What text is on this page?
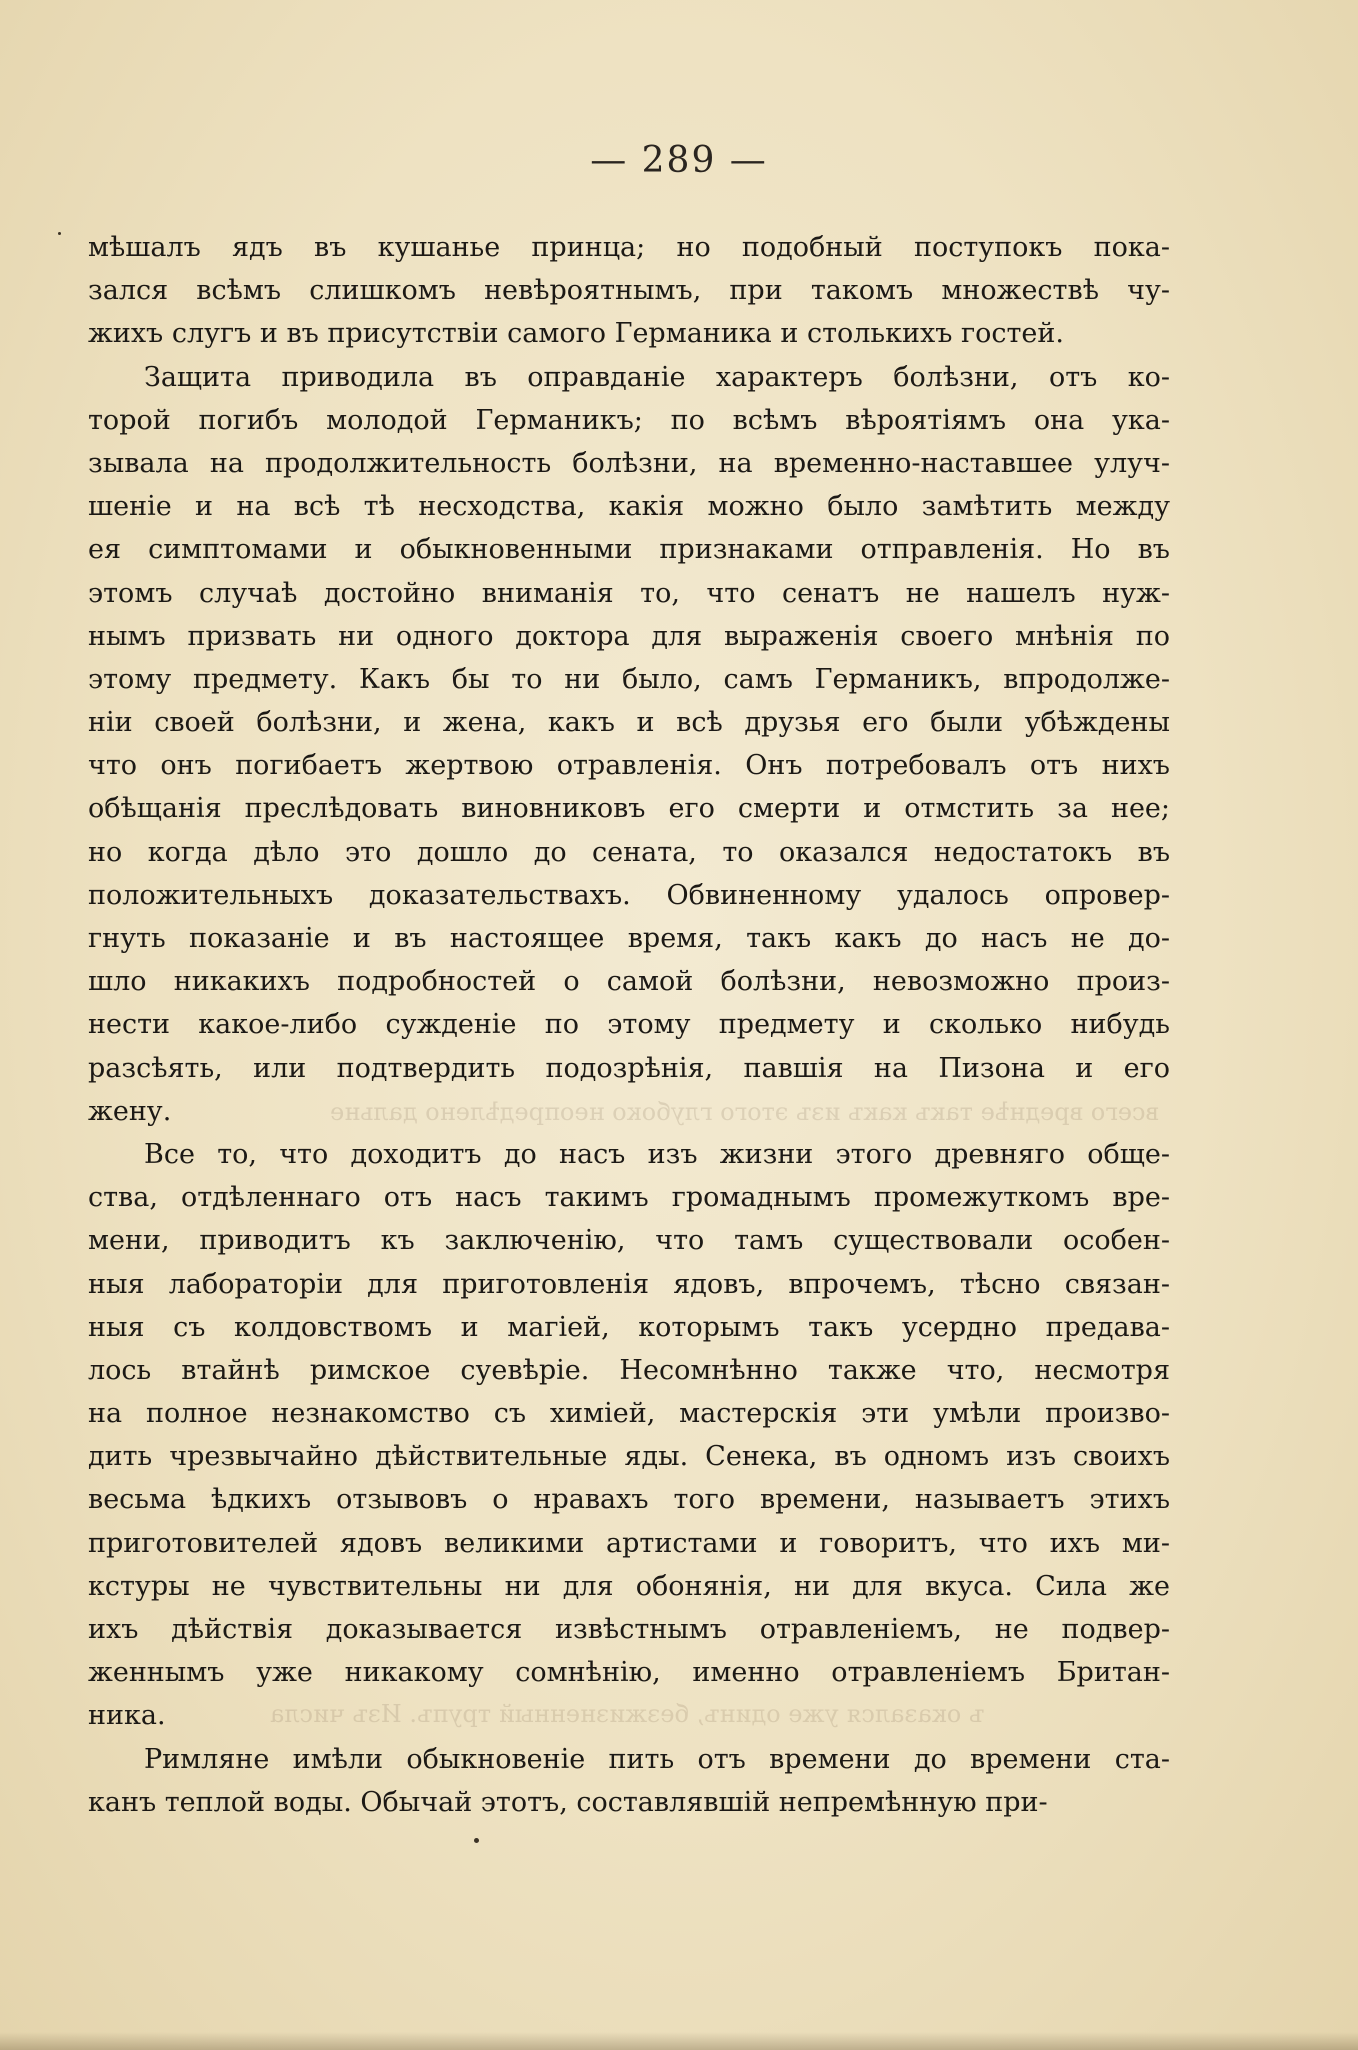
всего вреднѣе такъ какъ изъ этого глубоко неопредѣлено дальне
ъ оказался уже одинъ, безжизненный трупъ. Изъ числа
— 289 —
мѣшалъ ядъ въ кушанье принца; но подобный поступокъ пока-
зался всѣмъ слишкомъ невѣроятнымъ, при такомъ множествѣ чу-
жихъ слугъ и въ присутствіи самого Германика и столькихъ гостей.
Защита приводила въ оправданіе характеръ болѣзни, отъ ко-
торой погибъ молодой Германикъ; по всѣмъ вѣроятіямъ она ука-
зывала на продолжительность болѣзни, на временно-наставшее улуч-
шеніе и на всѣ тѣ несходства, какія можно было замѣтить между
ея симптомами и обыкновенными признаками отправленія. Но въ
этомъ случаѣ достойно вниманія то, что сенатъ не нашелъ нуж-
нымъ призвать ни одного доктора для выраженія своего мнѣнія по
этому предмету. Какъ бы то ни было, самъ Германикъ, впродолже-
ніи своей болѣзни, и жена, какъ и всѣ друзья его были убѣждены
что онъ погибаетъ жертвою отравленія. Онъ потребовалъ отъ нихъ
обѣщанія преслѣдовать виновниковъ его смерти и отмстить за нее;
но когда дѣло это дошло до сената, то оказался недостатокъ въ
положительныхъ доказательствахъ. Обвиненному удалось опровер-
гнуть показаніе и въ настоящее время, такъ какъ до насъ не до-
шло никакихъ подробностей о самой болѣзни, невозможно произ-
нести какое-либо сужденіе по этому предмету и сколько нибудь
разсѣять, или подтвердить подозрѣнія, павшія на Пизона и его
жену.
Все то, что доходитъ до насъ изъ жизни этого древняго обще-
ства, отдѣленнаго отъ насъ такимъ громаднымъ промежуткомъ вре-
мени, приводитъ къ заключенію, что тамъ существовали особен-
ныя лабораторіи для приготовленія ядовъ, впрочемъ, тѣсно связан-
ныя съ колдовствомъ и магіей, которымъ такъ усердно предава-
лось втайнѣ римское суевѣріе. Несомнѣнно также что, несмотря
на полное незнакомство съ химіей, мастерскія эти умѣли произво-
дить чрезвычайно дѣйствительные яды. Сенека, въ одномъ изъ своихъ
весьма ѣдкихъ отзывовъ о нравахъ того времени, называетъ этихъ
приготовителей ядовъ великими артистами и говоритъ, что ихъ ми-
кстуры не чувствительны ни для обонянія, ни для вкуса. Сила же
ихъ дѣйствія доказывается извѣстнымъ отравленіемъ, не подвер-
женнымъ уже никакому сомнѣнію, именно отравленіемъ Британ-
ника.
Римляне имѣли обыкновеніе пить отъ времени до времени ста-
канъ теплой воды. Обычай этотъ, составлявшій непремѣнную при-
